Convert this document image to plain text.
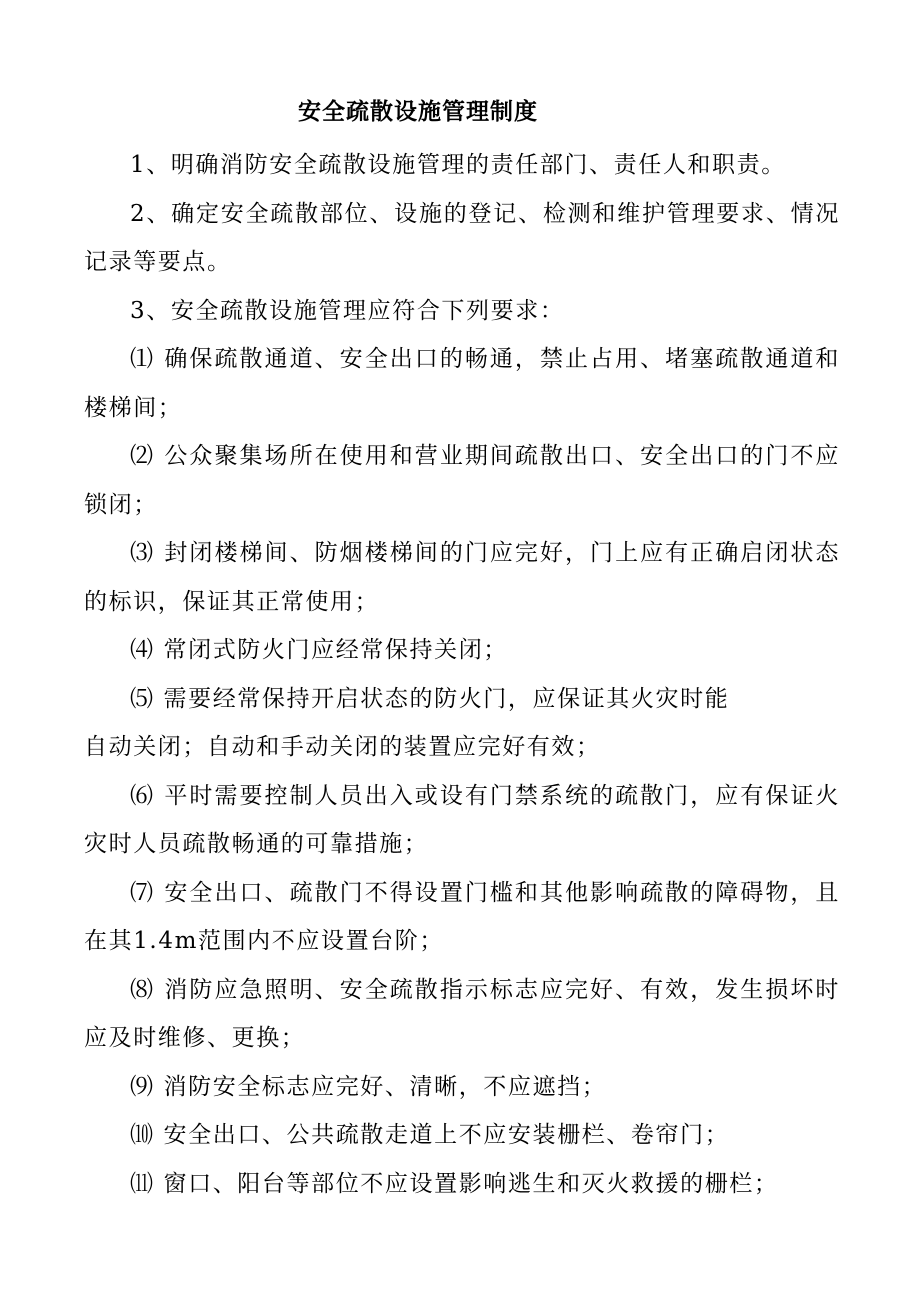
安全疏散设施管理制度

1、明确消防安全疏散设施管理的责任部门、责任人和职责。

2、确定安全疏散部位、设施的登记、检测和维护管理要求、情况记录等要点。

3、安全疏散设施管理应符合下列要求：

⑴ 确保疏散通道、安全出口的畅通，禁止占用、堵塞疏散通道和楼梯间；

⑵ 公众聚集场所在使用和营业期间疏散出口、安全出口的门不应锁闭；

⑶ 封闭楼梯间、防烟楼梯间的门应完好，门上应有正确启闭状态的标识，保证其正常使用；

⑷ 常闭式防火门应经常保持关闭；

⑸ 需要经常保持开启状态的防火门，应保证其火灾时能

自动关闭；自动和手动关闭的装置应完好有效；

⑹ 平时需要控制人员出入或设有门禁系统的疏散门，应有保证火灾时人员疏散畅通的可靠措施；

⑺ 安全出口、疏散门不得设置门槛和其他影响疏散的障碍物，且在其1.4m范围内不应设置台阶；

⑻ 消防应急照明、安全疏散指示标志应完好、有效，发生损坏时应及时维修、更换；

⑼ 消防安全标志应完好、清晰，不应遮挡；

⑽ 安全出口、公共疏散走道上不应安装栅栏、卷帘门；

⑾ 窗口、阳台等部位不应设置影响逃生和灭火救援的栅栏；
